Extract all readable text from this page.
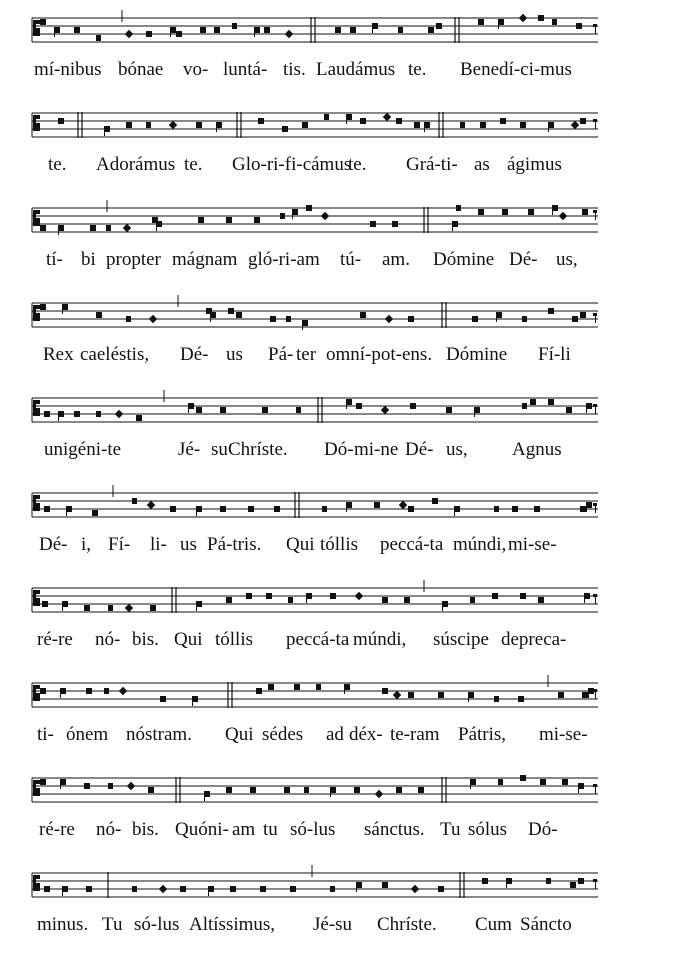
mí-nibus bónae vo- luntá- tis. Laudámus te. Benedí-ci-mus
te. Adorámus te. Glo-ri-fi-cámus
te. Grá-ti- as ágimus
tí- bi propter mágnam gló-ri-am tú- am. Dómine Dé- us,
Rex caeléstis, Dé- us Pá- ter omní-pot-ens. Dómine Fí-li
unigéni-te	Jé- su Chríste. Dó- mi-ne Dé- us, Agnus
Dé- i, Fí- li- us Pá-tris. Qui tóllis peccá-ta múndi, mi-se-
ré-re nó- bis. Qui tóllis peccá-ta múndi, súscipe depreca-
ti- ónem nóstram. Qui sédes ad déx- te-ram Pátris, mi-se-
ré-re nó- bis. Quóni- am tu só-lus sánctus. Tu sólus Dó-
minus. Tu só-lus Altíssimus, Jé-su Chríste. Cum Sáncto
